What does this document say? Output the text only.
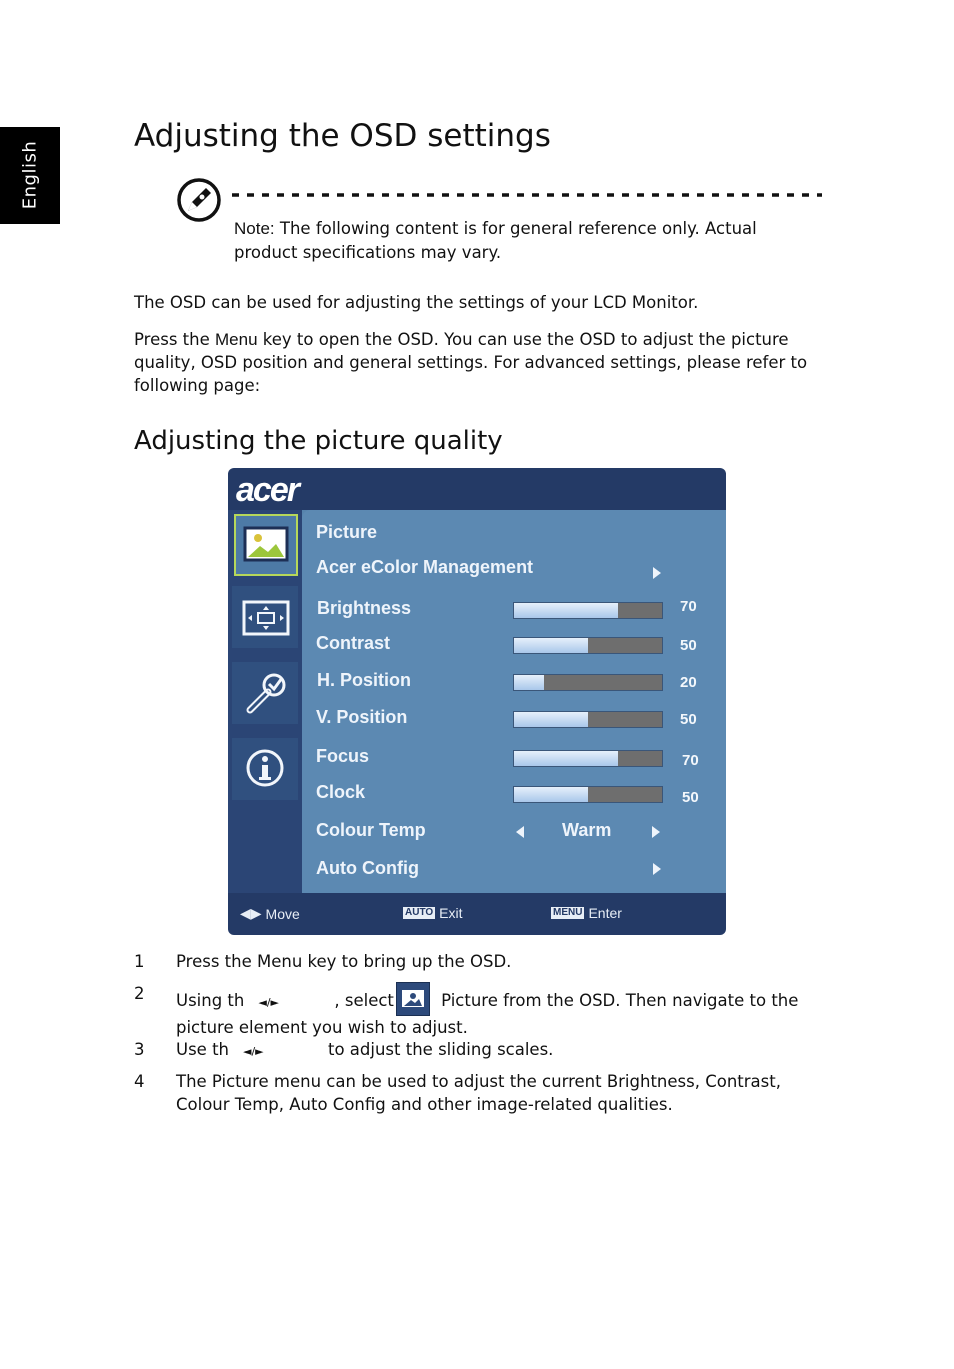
English
Adjusting the OSD settings
Note: The following content is for general reference only. Actual product specifications may vary.

The OSD can be used for adjusting the settings of your LCD Monitor.

Press the Menu key to open the OSD. You can use the OSD to adjust the picture quality, OSD position and general settings. For advanced settings, please refer to following page:

Adjusting the picture quality
acer
Picture
Acer eColor Management
Brightness	70
Contrast	50
H. Position	20
V. Position	50
Focus	70
Clock	50
Colour Temp	Warm
Auto Config
◀▶ Move	AUTO Exit	MENU Enter
1 Press the Menu key to bring up the OSD.
2 Using th ◄/►	, select	Picture from the OSD. Then navigate to the picture element you wish to adjust.
3 Use th ◄/►	to adjust the sliding scales.
4 The Picture menu can be used to adjust the current Brightness, Contrast, Colour Temp, Auto Config and other image-related qualities.
